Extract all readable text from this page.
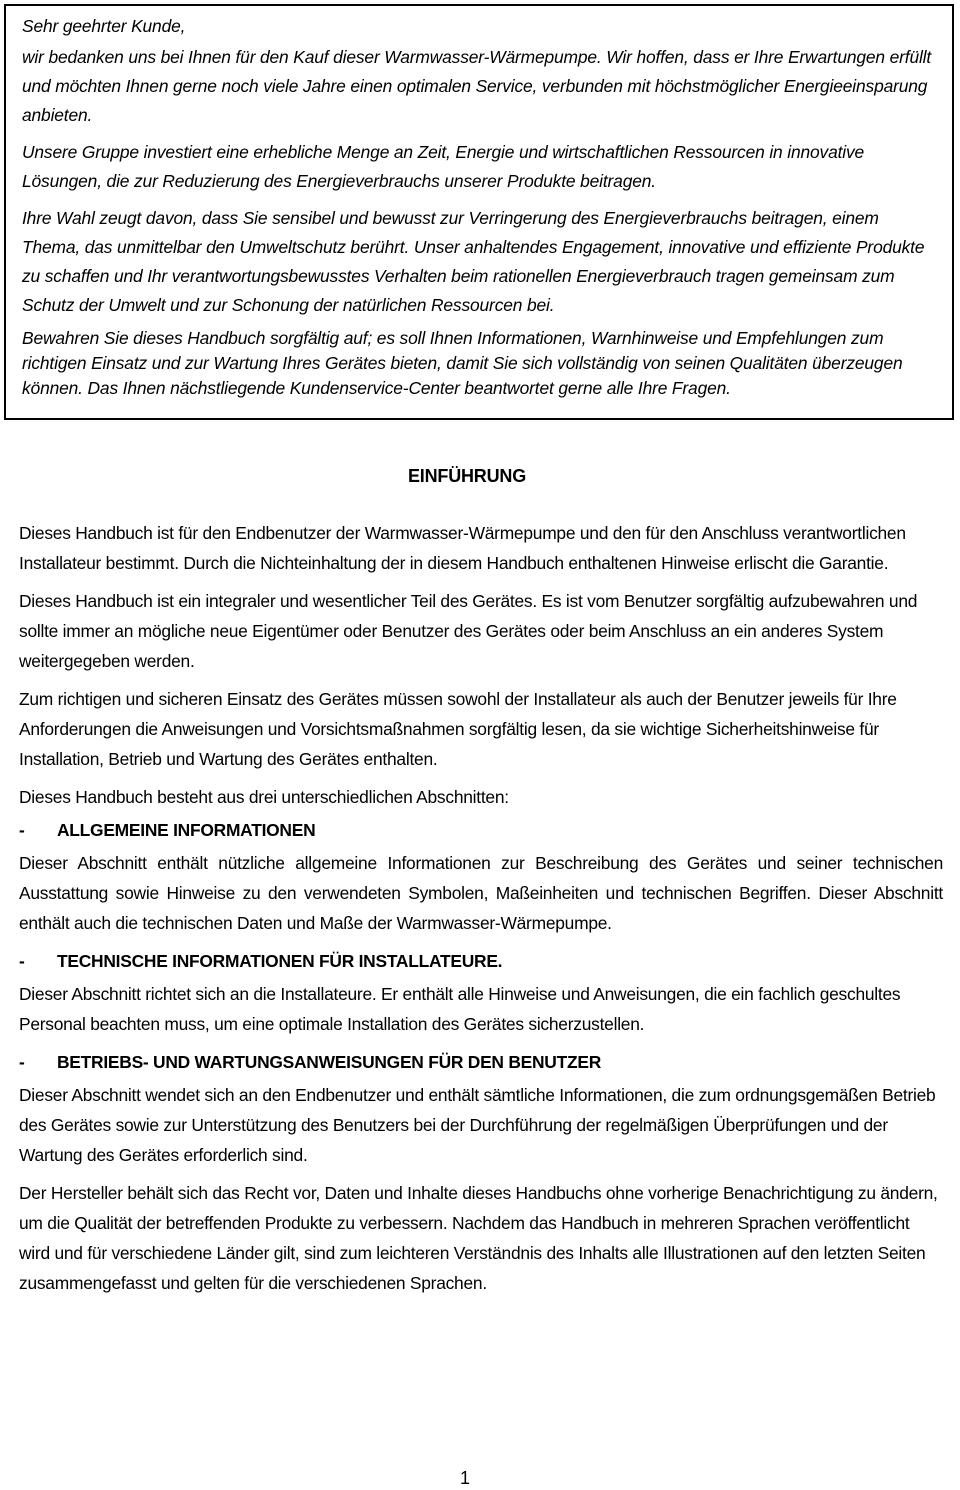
Sehr geehrter Kunde,

wir bedanken uns bei Ihnen für den Kauf dieser Warmwasser-Wärmepumpe. Wir hoffen, dass er Ihre Erwartungen erfüllt und möchten Ihnen gerne noch viele Jahre einen optimalen Service, verbunden mit höchstmöglicher Energieeinsparung anbieten.

Unsere Gruppe investiert eine erhebliche Menge an Zeit, Energie und wirtschaftlichen Ressourcen in innovative Lösungen, die zur Reduzierung des Energieverbrauchs unserer Produkte beitragen.

Ihre Wahl zeugt davon, dass Sie sensibel und bewusst zur Verringerung des Energieverbrauchs beitragen, einem Thema, das unmittelbar den Umweltschutz berührt. Unser anhaltendes Engagement, innovative und effiziente Produkte zu schaffen und Ihr verantwortungsbewusstes Verhalten beim rationellen Energieverbrauch tragen gemeinsam zum Schutz der Umwelt und zur Schonung der natürlichen Ressourcen bei.

Bewahren Sie dieses Handbuch sorgfältig auf; es soll Ihnen Informationen, Warnhinweise und Empfehlungen zum richtigen Einsatz und zur Wartung Ihres Gerätes bieten, damit Sie sich vollständig von seinen Qualitäten überzeugen können. Das Ihnen nächstliegende Kundenservice-Center beantwortet gerne alle Ihre Fragen.

EINFÜHRUNG

Dieses Handbuch ist für den Endbenutzer der Warmwasser-Wärmepumpe und den für den Anschluss verantwortlichen Installateur bestimmt. Durch die Nichteinhaltung der in diesem Handbuch enthaltenen Hinweise erlischt die Garantie.

Dieses Handbuch ist ein integraler und wesentlicher Teil des Gerätes. Es ist vom Benutzer sorgfältig aufzubewahren und sollte immer an mögliche neue Eigentümer oder Benutzer des Gerätes oder beim Anschluss an ein anderes System weitergegeben werden.

Zum richtigen und sicheren Einsatz des Gerätes müssen sowohl der Installateur als auch der Benutzer jeweils für Ihre Anforderungen die Anweisungen und Vorsichtsmaßnahmen sorgfältig lesen, da sie wichtige Sicherheitshinweise für Installation, Betrieb und Wartung des Gerätes enthalten.

Dieses Handbuch besteht aus drei unterschiedlichen Abschnitten:

-	ALLGEMEINE INFORMATIONEN

Dieser Abschnitt enthält nützliche allgemeine Informationen zur Beschreibung des Gerätes und seiner technischen Ausstattung sowie Hinweise zu den verwendeten Symbolen, Maßeinheiten und technischen Begriffen. Dieser Abschnitt enthält auch die technischen Daten und Maße der Warmwasser-Wärmepumpe.

-	TECHNISCHE INFORMATIONEN FÜR INSTALLATEURE.

Dieser Abschnitt richtet sich an die Installateure. Er enthält alle Hinweise und Anweisungen, die ein fachlich geschultes Personal beachten muss, um eine optimale Installation des Gerätes sicherzustellen.

-	BETRIEBS- UND WARTUNGSANWEISUNGEN FÜR DEN BENUTZER

Dieser Abschnitt wendet sich an den Endbenutzer und enthält sämtliche Informationen, die zum ordnungsgemäßen Betrieb des Gerätes sowie zur Unterstützung des Benutzers bei der Durchführung der regelmäßigen Überprüfungen und der Wartung des Gerätes erforderlich sind.

Der Hersteller behält sich das Recht vor, Daten und Inhalte dieses Handbuchs ohne vorherige Benachrichtigung zu ändern, um die Qualität der betreffenden Produkte zu verbessern. Nachdem das Handbuch in mehreren Sprachen veröffentlicht wird und für verschiedene Länder gilt, sind zum leichteren Verständnis des Inhalts alle Illustrationen auf den letzten Seiten zusammengefasst und gelten für die verschiedenen Sprachen.

1
